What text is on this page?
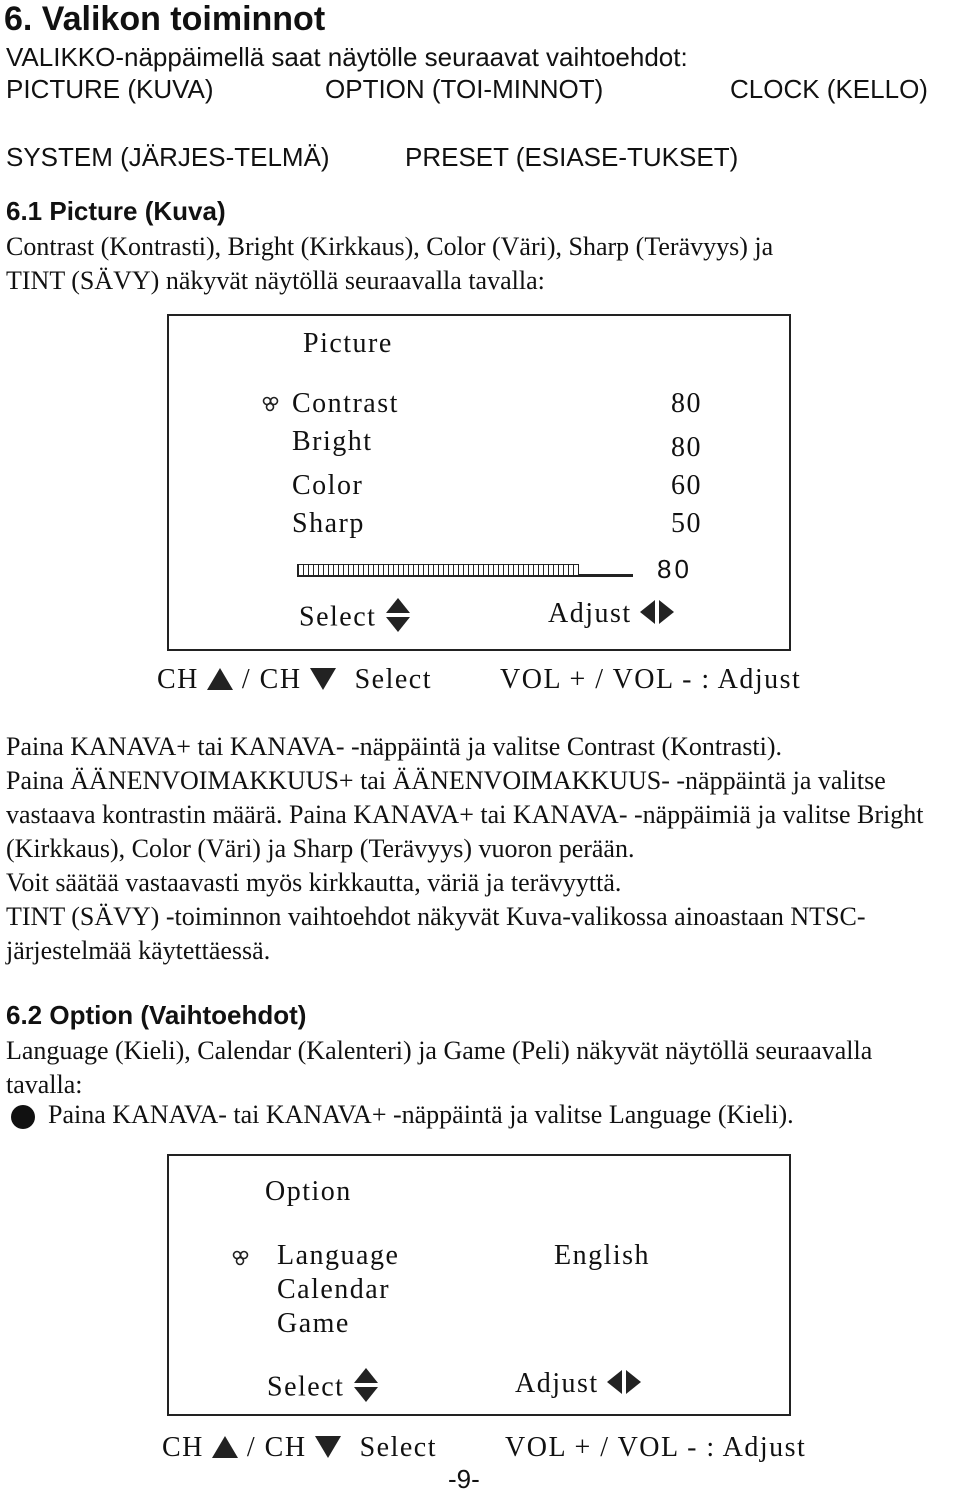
6. Valikon toiminnot
VALIKKO-näppäimellä saat näytölle seuraavat vaihtoehdot:
PICTURE (KUVA)	OPTION (TOI-MINNOT)	CLOCK (KELLO)
SYSTEM (JÄRJES-TELMÄ)	PRESET (ESIASE-TUKSET)
6.1 Picture (Kuva)
Contrast (Kontrasti), Bright (Kirkkaus), Color (Väri), Sharp (Terävyys) ja
TINT (SÄVY) näkyvät näytöllä seuraavalla tavalla:
Picture
Contrast	80
Bright	80
Color	60
Sharp	50
80
Select	Adjust
CH / CH Select VOL + / VOL - : Adjust

Paina KANAVA+ tai KANAVA- -näppäintä ja valitse Contrast (Kontrasti).

Paina ÄÄNENVOIMAKKUUS+ tai ÄÄNENVOIMAKKUUS- -näppäintä ja valitse vastaava kontrastin määrä. Paina KANAVA+ tai KANAVA- -näppäimiä ja valitse Bright (Kirkkaus), Color (Väri) ja Sharp (Terävyys) vuoron perään.

Voit säätää vastaavasti myös kirkkautta, väriä ja terävyyttä.

TINT (SÄVY) -toiminnon vaihtoehdot näkyvät Kuva-valikossa ainoastaan NTSC-järjestelmää käytettäessä.

6.2 Option (Vaihtoehdot)

Language (Kieli), Calendar (Kalenteri) ja Game (Peli) näkyvät näytöllä seuraavalla tavalla:

Paina KANAVA- tai KANAVA+ -näppäintä ja valitse Language (Kieli).
Option
Language	English
Calendar
Game
Select	Adjust
CH / CH Select VOL + / VOL - : Adjust
-9-
